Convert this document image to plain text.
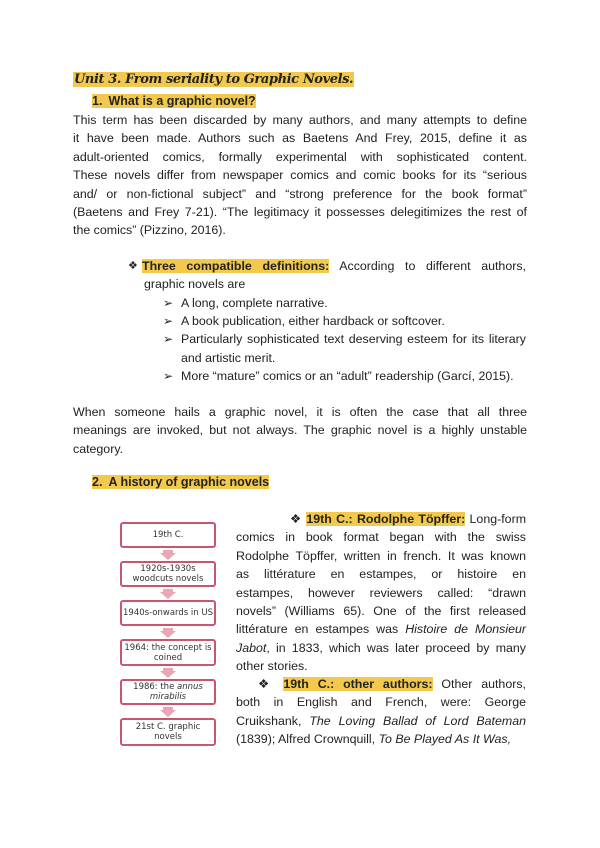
Unit 3. From seriality to Graphic Novels.
1. What is a graphic novel?
This term has been discarded by many authors, and many attempts to define
it have been made. Authors such as Baetens And Frey, 2015, define it as
adult-oriented comics, formally experimental with sophisticated content.
These novels differ from newspaper comics and comic books for its “serious
and/ or non-fictional subject” and “strong preference for the book format”
(Baetens and Frey 7-21). “The legitimacy it possesses delegitimizes the rest of
the comics” (Pizzino, 2016).
❖ Three compatible definitions: According to different authors,
graphic novels are
➢ A long, complete narrative.
➢ A book publication, either hardback or softcover.
➢ Particularly sophisticated text deserving esteem for its literary and artistic merit.
➢ More “mature” comics or an “adult” readership (Garcí, 2015).
When someone hails a graphic novel, it is often the case that all three
meanings are invoked, but not always. The graphic novel is a highly unstable
category.
2. A history of graphic novels
19th C.
1920s-1930s woodcuts novels
1940s-onwards in US
1964: the concept is coined
1986: the annus mirabilis
21st C. graphic novels
❖ 19th C.: Rodolphe Töpffer: Long-form
comics in book format began with the swiss
Rodolphe Töpffer, written in french. It was known
as littérature en estampes, or histoire en
estampes, however reviewers called: “drawn
novels” (Williams 65). One of the first released
littérature en estampes was Histoire de Monsieur
Jabot, in 1833, which was later proceed by many
other stories.
❖ 19th C.: other authors: Other authors,
both in English and French, were: George
Cruikshank, The Loving Ballad of Lord Bateman
(1839); Alfred Crownquill, To Be Played As It Was,
